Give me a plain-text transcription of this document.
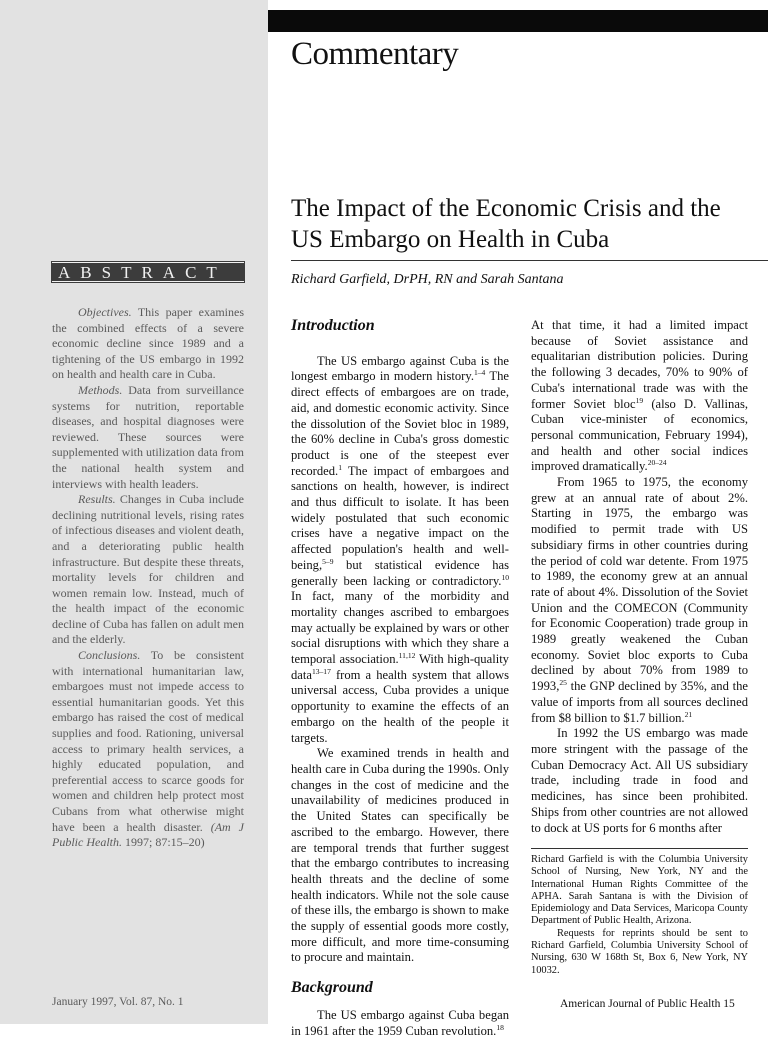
Commentary
The Impact of the Economic Crisis and the US Embargo on Health in Cuba
Richard Garfield, DrPH, RN and Sarah Santana
ABSTRACT

Objectives. This paper examines the combined effects of a severe economic decline since 1989 and a tightening of the US embargo in 1992 on health and health care in Cuba.

Methods. Data from surveillance systems for nutrition, reportable diseases, and hospital diagnoses were reviewed. These sources were supplemented with utilization data from the national health system and interviews with health leaders.

Results. Changes in Cuba include declining nutritional levels, rising rates of infectious diseases and violent death, and a deteriorating public health infrastructure. But despite these threats, mortality levels for children and women remain low. Instead, much of the health impact of the economic decline of Cuba has fallen on adult men and the elderly.

Conclusions. To be consistent with international humanitarian law, embargoes must not impede access to essential humanitarian goods. Yet this embargo has raised the cost of medical supplies and food. Rationing, universal access to primary health services, a highly educated population, and preferential access to scarce goods for women and children help protect most Cubans from what otherwise might have been a health disaster. (Am J Public Health. 1997; 87:15–20)

Introduction

The US embargo against Cuba is the longest embargo in modern history.$^{1-4}$ The direct effects of embargoes are on trade, aid, and domestic economic activity. Since the dissolution of the Soviet bloc in 1989, the 60% decline in Cuba's gross domestic product is one of the steepest ever recorded.$^1$ The impact of embargoes and sanctions on health, however, is indirect and thus difficult to isolate. It has been widely postulated that such economic crises have a negative impact on the affected population's health and well-being,$^{5-9}$ but statistical evidence has generally been lacking or contradictory.$^{10}$ In fact, many of the morbidity and mortality changes ascribed to embargoes may actually be explained by wars or other social disruptions with which they share a temporal association.$^{11,12}$ With high-quality data$^{13-17}$ from a health system that allows universal access, Cuba provides a unique opportunity to examine the effects of an embargo on the health of the people it targets.

We examined trends in health and health care in Cuba during the 1990s. Only changes in the cost of medicine and the unavailability of medicines produced in the United States can specifically be ascribed to the embargo. However, there are temporal trends that further suggest that the embargo contributes to increasing health threats and the decline of some health indicators. While not the sole cause of these ills, the embargo is shown to make the supply of essential goods more costly, more difficult, and more time-consuming to procure and maintain.

Background

The US embargo against Cuba began in 1961 after the 1959 Cuban revolution.$^{18}$

At that time, it had a limited impact because of Soviet assistance and equalitarian distribution policies. During the following 3 decades, 70% to 90% of Cuba's international trade was with the former Soviet bloc$^{19}$ (also D. Vallinas, Cuban vice-minister of economics, personal communication, February 1994), and health and other social indices improved dramatically.$^{20-24}$

From 1965 to 1975, the economy grew at an annual rate of about 2%. Starting in 1975, the embargo was modified to permit trade with US subsidiary firms in other countries during the period of cold war detente. From 1975 to 1989, the economy grew at an annual rate of about 4%. Dissolution of the Soviet Union and the COMECON (Community for Economic Cooperation) trade group in 1989 greatly weakened the Cuban economy. Soviet bloc exports to Cuba declined by about 70% from 1989 to 1993,25 the GNP declined by 35%, and the value of imports from all sources declined from $8 billion to $1.7 billion.$^{21}$

In 1992 the US embargo was made more stringent with the passage of the Cuban Democracy Act. All US subsidiary trade, including trade in food and medicines, has since been prohibited. Ships from other countries are not allowed to dock at US ports for 6 months after

Richard Garfield is with the Columbia University School of Nursing, New York, NY and the International Human Rights Committee of the APHA. Sarah Santana is with the Division of Epidemiology and Data Services, Maricopa County Department of Public Health, Arizona.

Requests for reprints should be sent to Richard Garfield, Columbia University School of Nursing, 630 W 168th St, Box 6, New York, NY 10032.

January 1997, Vol. 87, No. 1	American Journal of Public Health 15
